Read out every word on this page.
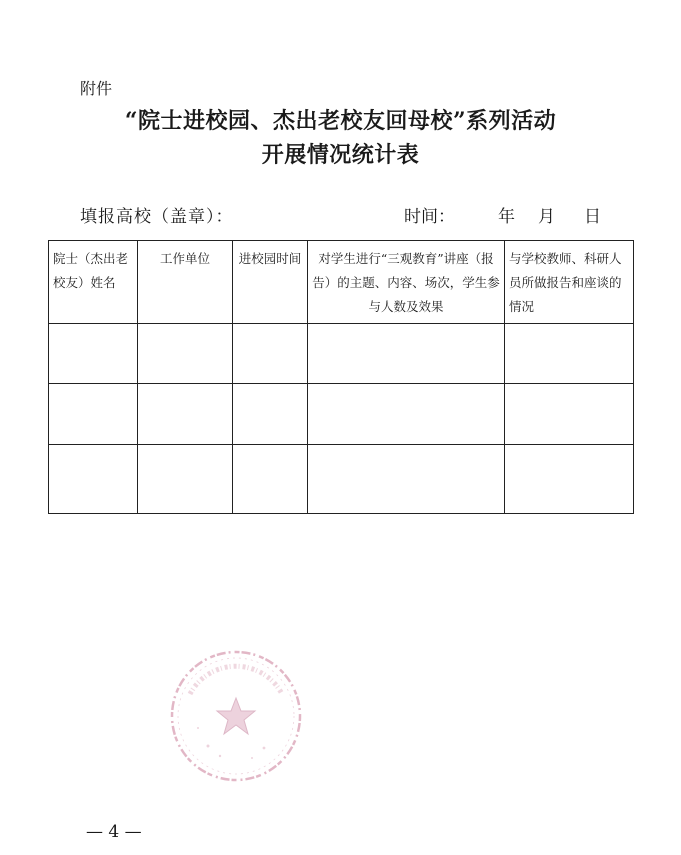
附件
“院士进校园、杰出老校友回母校”系列活动
开展情况统计表
填报高校（盖章）：	时间：	年 月 日
院士（杰出老校友）姓名	工作单位	进校园时间	对学生进行“三观教育”讲座（报告）的主题、内容、场次，学生参与人数及效果	与学校教师、科研人员所做报告和座谈的情况

— 4 —
